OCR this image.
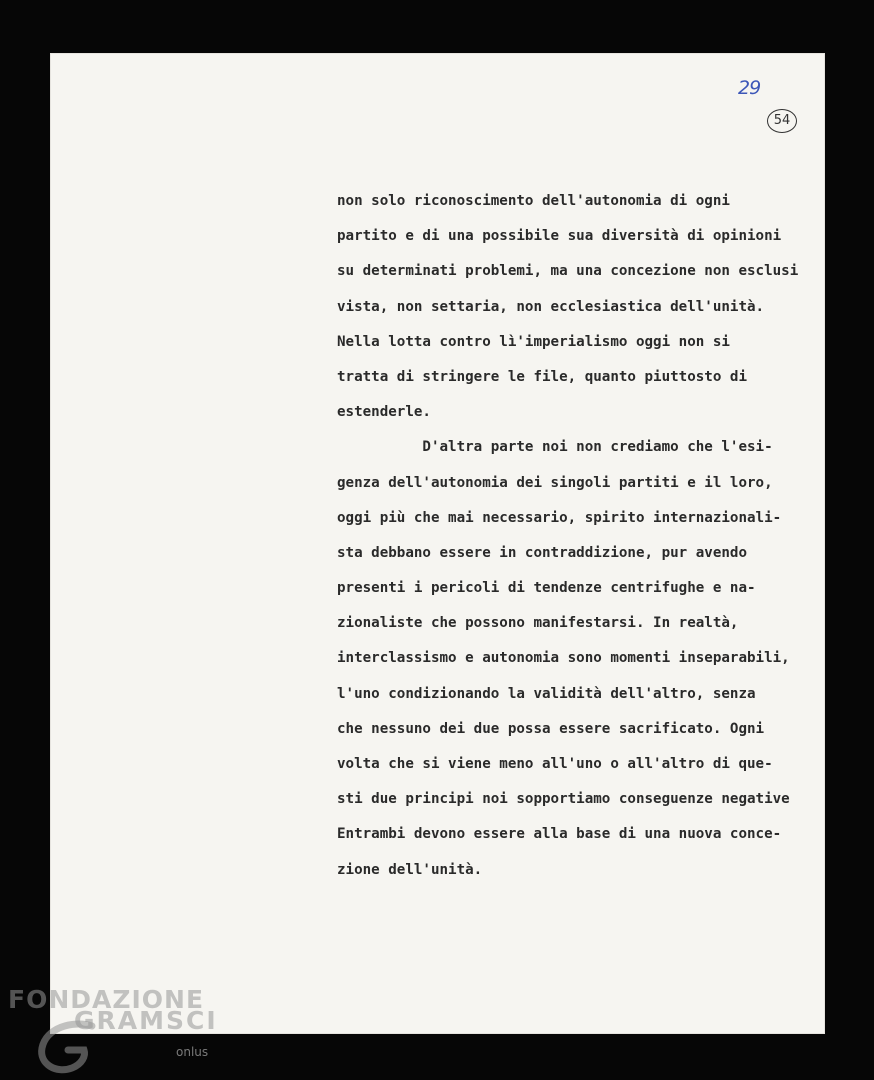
29
54
non solo riconoscimento dell'autonomia di ogni
partito e di una possibile sua diversità di opinioni
su determinati problemi, ma una concezione non esclusi
vista, non settaria, non ecclesiastica dell'unità.
Nella lotta contro lì'imperialismo oggi non si
tratta di stringere le file, quanto piuttosto di
estenderle.
D'altra parte noi non crediamo che l'esi-
genza dell'autonomia dei singoli partiti e il loro,
oggi più che mai necessario, spirito internazionali-
sta debbano essere in contraddizione, pur avendo
presenti i pericoli di tendenze centrifughe e na-
zionaliste che possono manifestarsi. In realtà,
interclassismo e autonomia sono momenti inseparabili,
l'uno condizionando la validità dell'altro, senza
che nessuno dei due possa essere sacrificato. Ogni
volta che si viene meno all'uno o all'altro di que-
sti due principi noi sopportiamo conseguenze negative
Entrambi devono essere alla base di una nuova conce-
zione dell'unità.
FONDAZIONE
GRAMSCI
onlus
